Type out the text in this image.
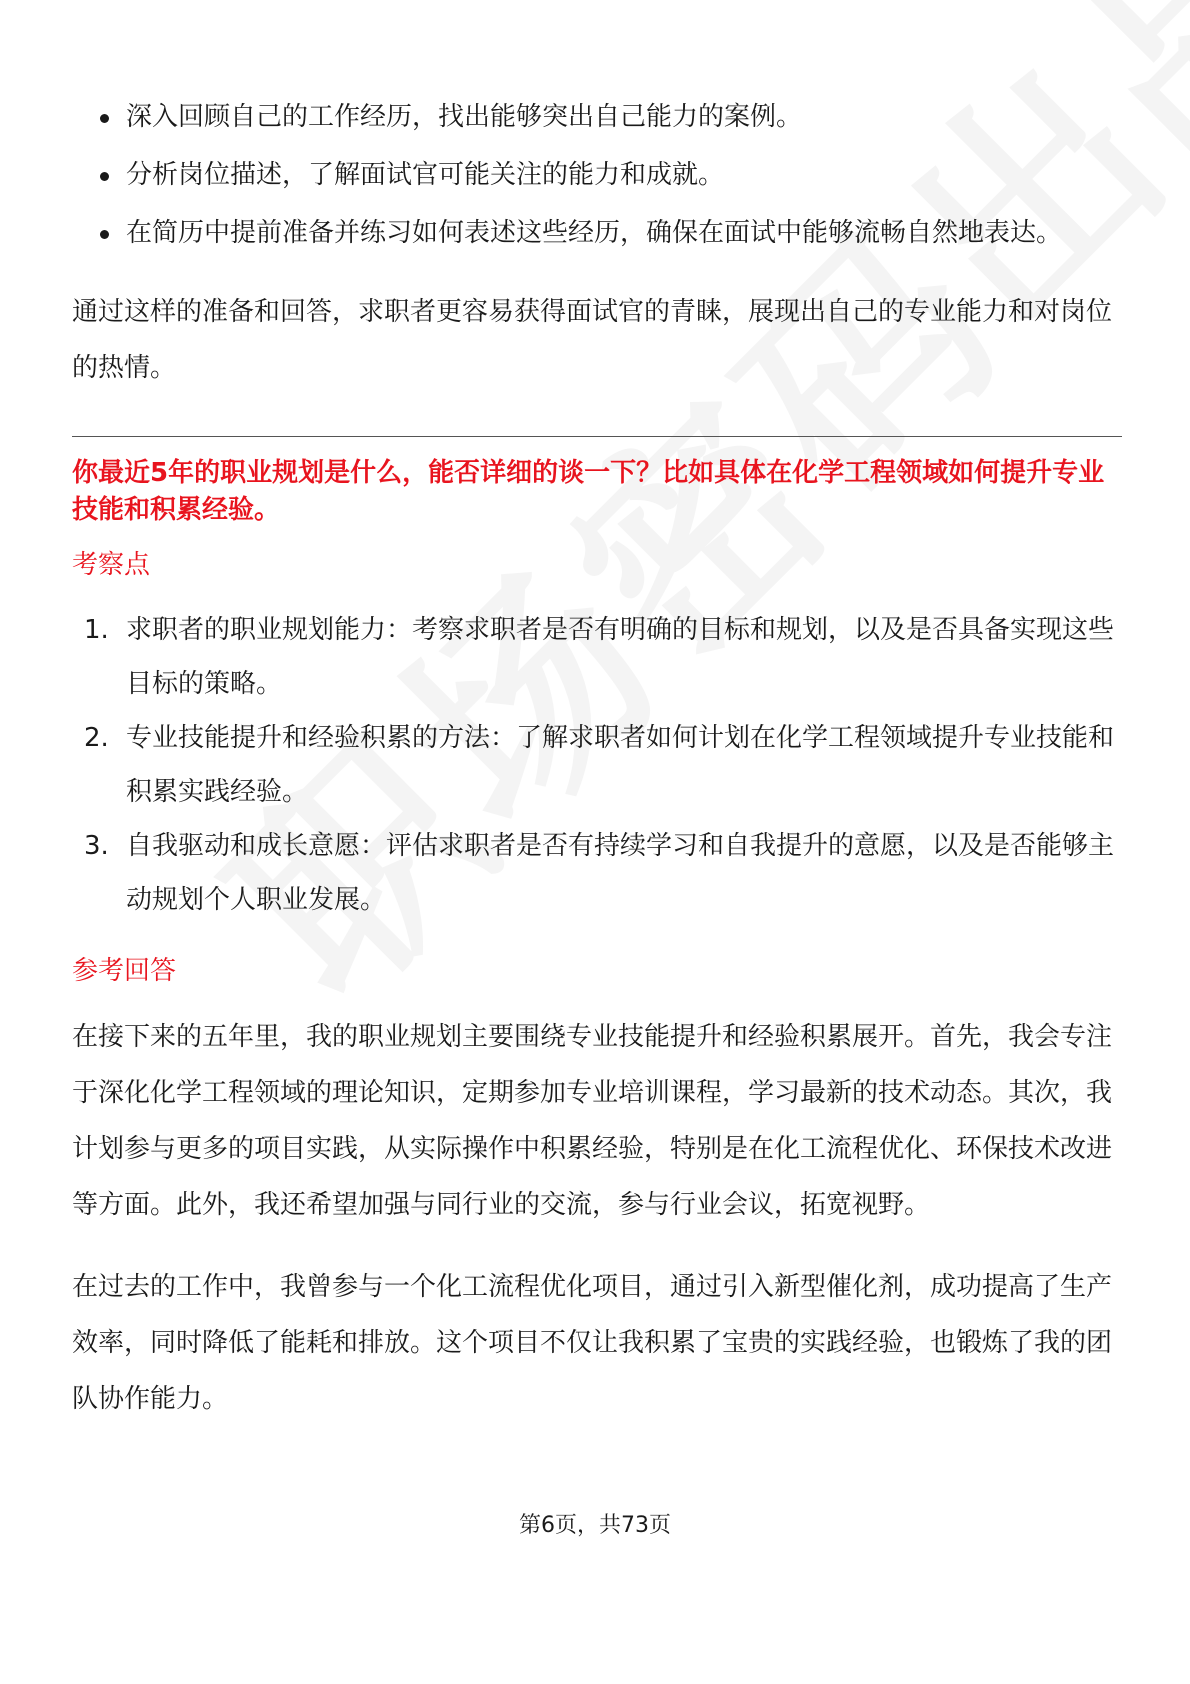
深入回顾自己的工作经历，找出能够突出自己能力的案例。
分析岗位描述，了解面试官可能关注的能力和成就。
在简历中提前准备并练习如何表述这些经历，确保在面试中能够流畅自然地表达。

通过这样的准备和回答，求职者更容易获得面试官的青睐，展现出自己的专业能力和对岗位的热情。

你最近5年的职业规划是什么，能否详细的谈一下？比如具体在化学工程领域如何提升专业技能和积累经验。
考察点
1. 求职者的职业规划能力：考察求职者是否有明确的目标和规划，以及是否具备实现这些目标的策略。
2. 专业技能提升和经验积累的方法：了解求职者如何计划在化学工程领域提升专业技能和积累实践经验。
3. 自我驱动和成长意愿：评估求职者是否有持续学习和自我提升的意愿，以及是否能够主动规划个人职业发展。
参考回答

在接下来的五年里，我的职业规划主要围绕专业技能提升和经验积累展开。首先，我会专注于深化化学工程领域的理论知识，定期参加专业培训课程，学习最新的技术动态。其次，我计划参与更多的项目实践，从实际操作中积累经验，特别是在化工流程优化、环保技术改进等方面。此外，我还希望加强与同行业的交流，参与行业会议，拓宽视野。

在过去的工作中，我曾参与一个化工流程优化项目，通过引入新型催化剂，成功提高了生产效率，同时降低了能耗和排放。这个项目不仅让我积累了宝贵的实践经验，也锻炼了我的团队协作能力。

第6页，共73页
